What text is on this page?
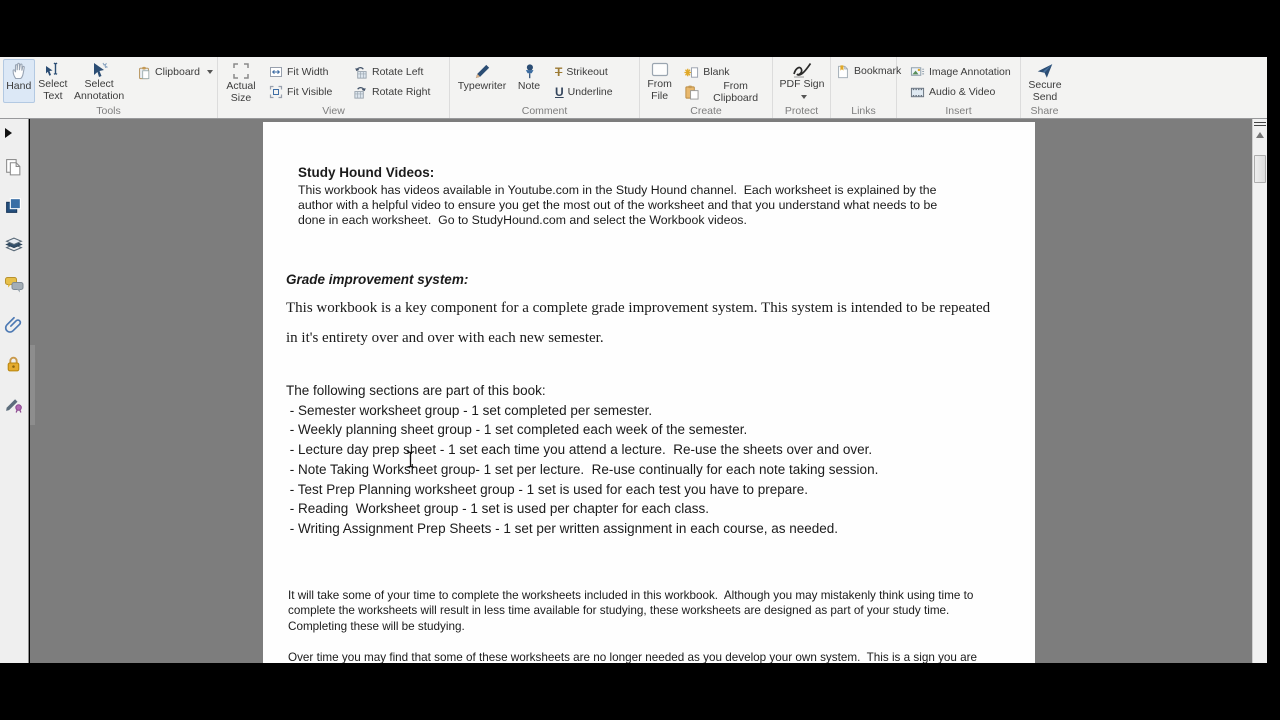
Hand Select Text
Select Annotation
Clipboard
Tools
Actual Size
Fit Width
Fit Visible
Rotate Left
Rotate Right
View
Typewriter Note
T Strikeout
U Underline
Comment
From File
Blank
From Clipboard
Create
PDF Sign
Protect
Bookmark
Links
Image Annotation
Audio & Video
Insert
Secure Send
Share
Study Hound Videos:
This workbook has videos available in Youtube.com in the Study Hound channel.  Each worksheet is explained by the author with a helpful video to ensure you get the most out of the worksheet and that you understand what needs to be done in each worksheet.  Go to StudyHound.com and select the Workbook videos.
Grade improvement system:
This workbook is a key component for a complete grade improvement system. This system is intended to be repeated
in it's entirety over and over with each new semester.
The following sections are part of this book:
- Semester worksheet group - 1 set completed per semester.
- Weekly planning sheet group - 1 set completed each week of the semester.
- Lecture day prep sheet - 1 set each time you attend a lecture.  Re-use the sheets over and over.
- Note Taking Worksheet group- 1 set per lecture.  Re-use continually for each note taking session.
- Test Prep Planning worksheet group - 1 set is used for each test you have to prepare.
- Reading  Worksheet group - 1 set is used per chapter for each class.
- Writing Assignment Prep Sheets - 1 set per written assignment in each course, as needed.
It will take some of your time to complete the worksheets included in this workbook.  Although you may mistakenly think using time to complete the worksheets will result in less time available for studying, these worksheets are designed as part of your study time. Completing these will be studying.
Over time you may find that some of these worksheets are no longer needed as you develop your own system.  This is a sign you are
